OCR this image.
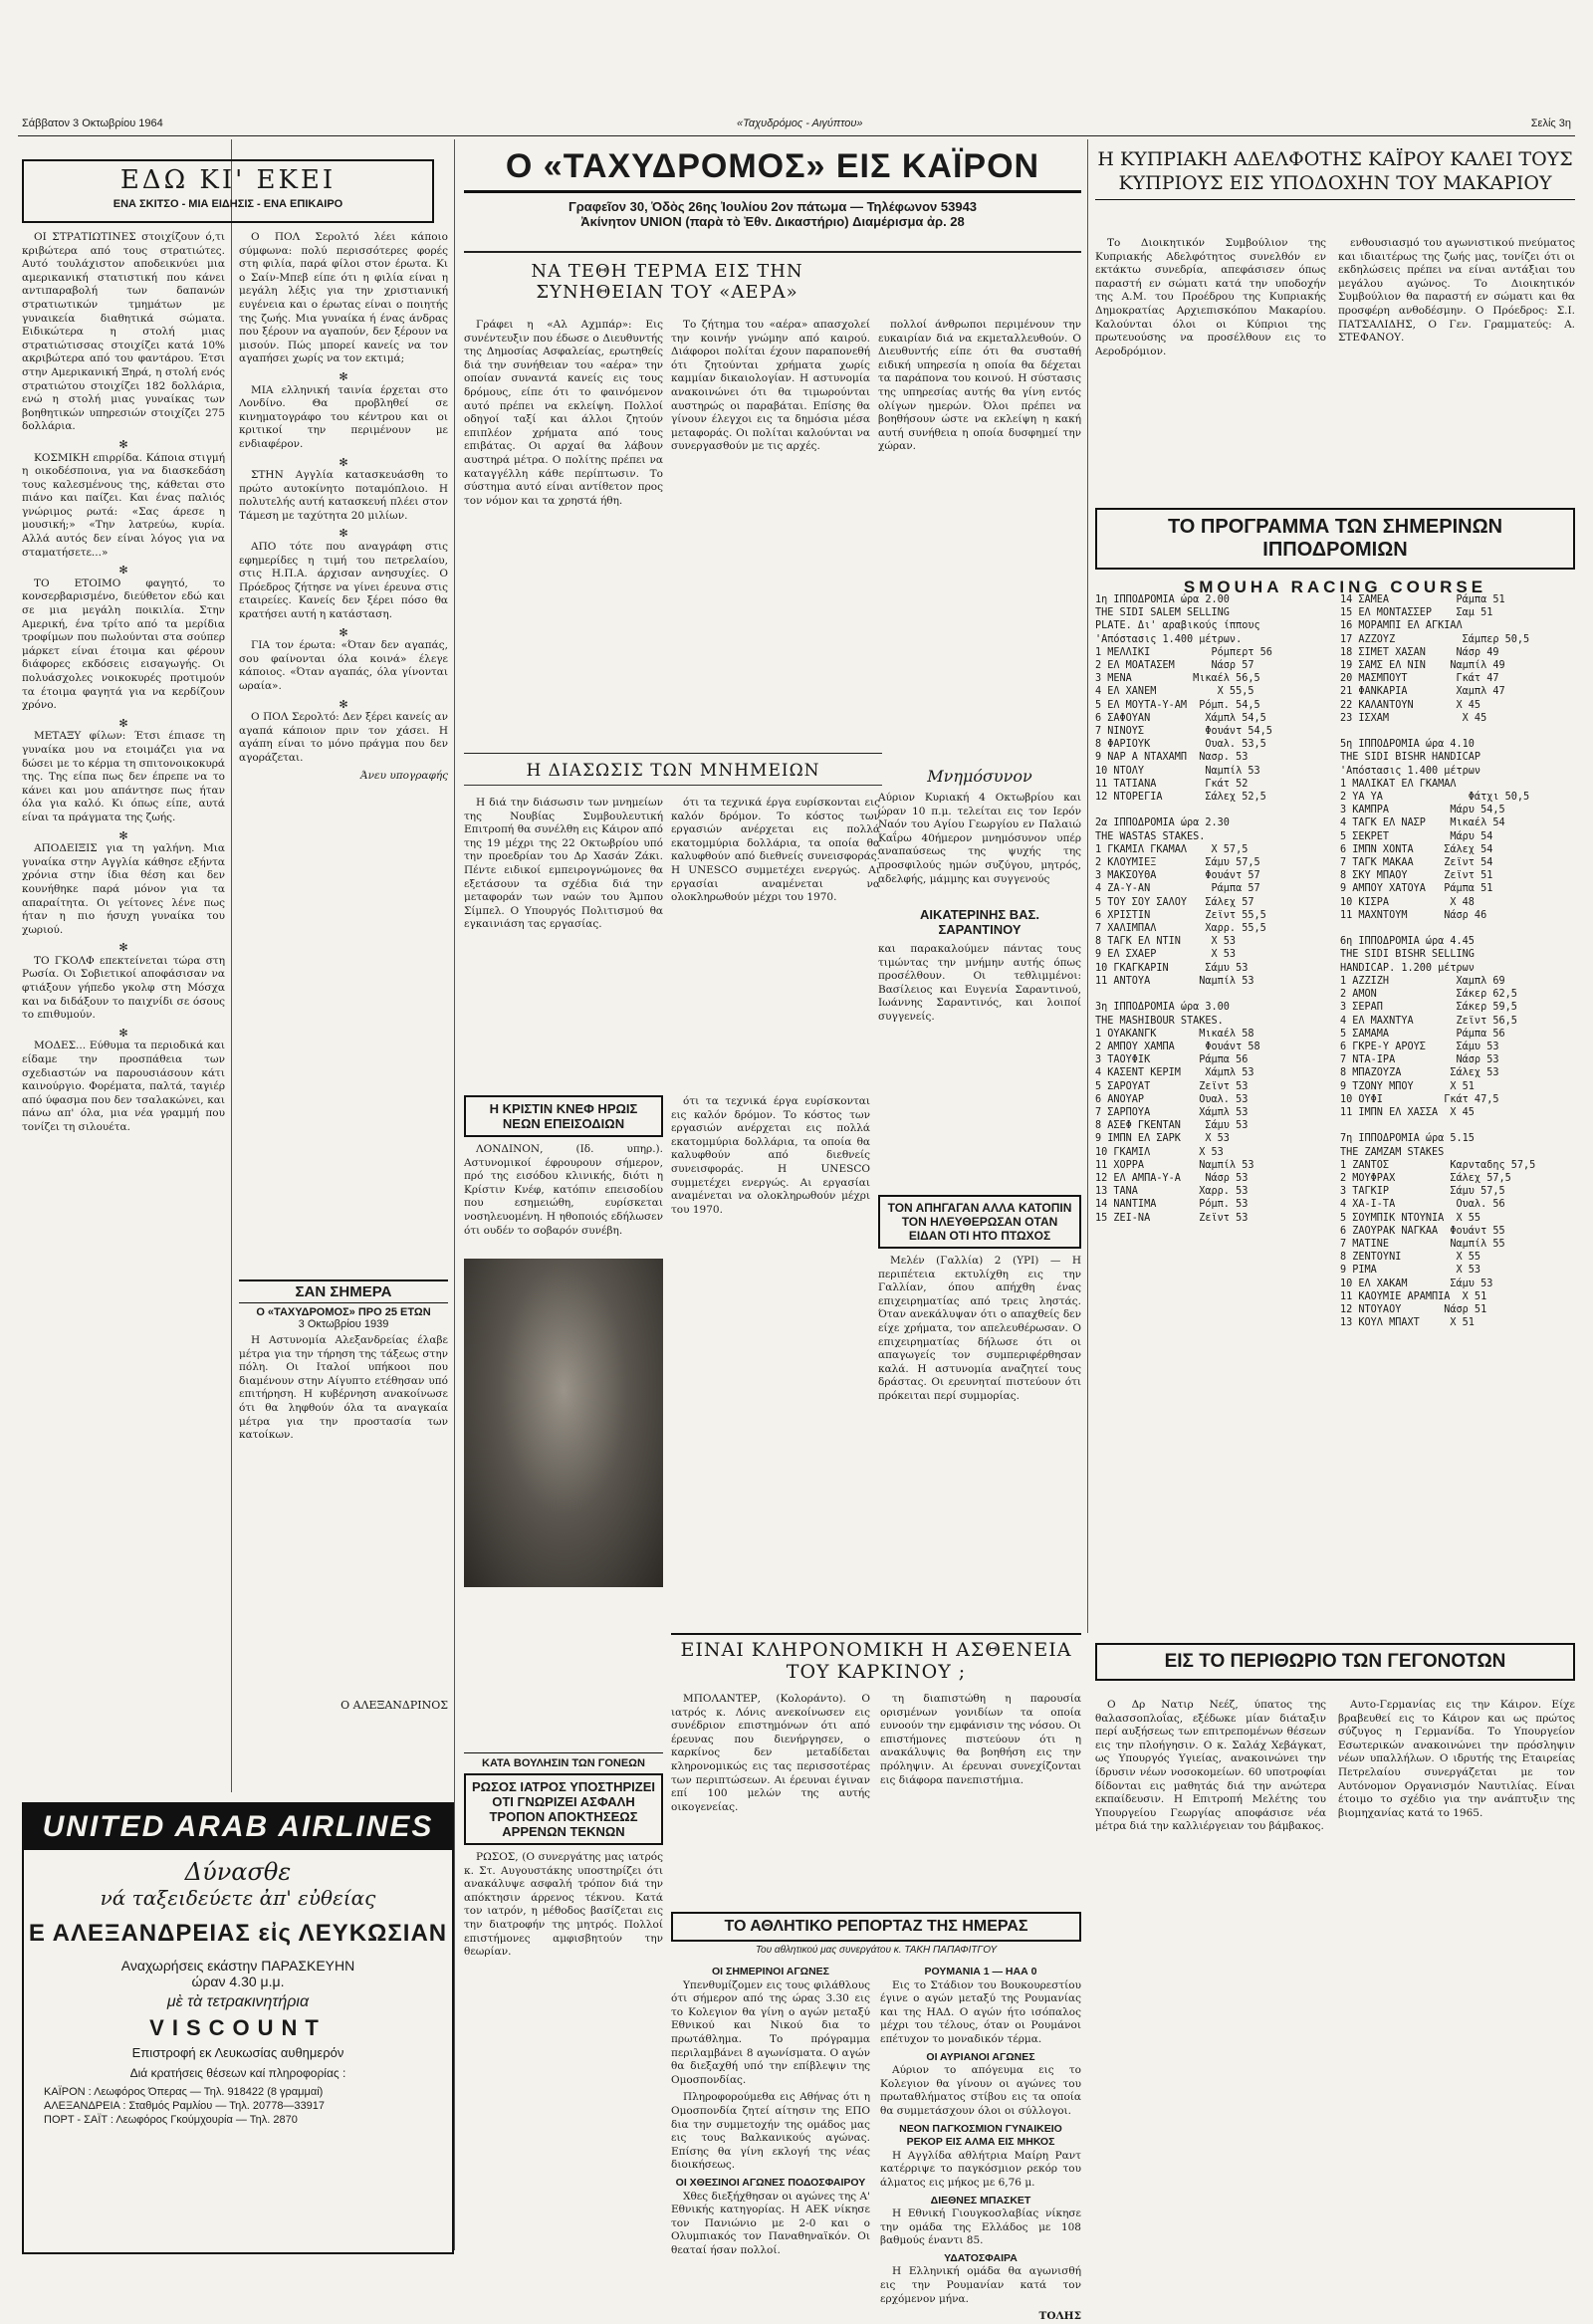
Σάββατον 3 Οκτωβρίου 1964	«Ταχυδρόμος - Αιγύπτου»	Σελίς 3η
ΕΔΩ ΚΙ' ΕΚΕΙ
ΕΝΑ ΣΚΙΤΣΟ - ΜΙΑ ΕΙΔΗΣΙΣ - ΕΝΑ ΕΠΙΚΑΙΡΟ

ΟΙ ΣΤΡΑΤΙΩΤΙΝΕΣ στοιχίζουν ό,τι κριβώτερα από τους στρατιώτες. Αυτό τουλάχιστον αποδεικνύει μια αμερικανική στατιστική που κάνει αντιπαραβολή των δαπανών στρατιωτικών τμημάτων με γυναικεία διαθητικά σώματα. Ειδικώτερα η στολή μιας στρατιώτισσας στοιχίζει κατά 10% ακριβώτερα από του φαντάρου. Έτσι στην Αμερικανική Ξηρά, η στολή ενός στρατιώτου στοιχίζει 182 δολλάρια, ενώ η στολή μιας γυναίκας των βοηθητικών υπηρεσιών στοιχίζει 275 δολλάρια.

✻

ΚΟΣΜΙΚΗ επιρρίδα. Κάποια στιγμή η οικοδέσποινα, για να διασκεδάση τους καλεσμένους της, κάθεται στο πιάνο και παίζει. Και ένας παλιός γνώριμος ρωτά: «Σας άρεσε η μουσική;» «Την λατρεύω, κυρία. Αλλά αυτός δεν είναι λόγος για να σταματήσετε...»

✻

ΤΟ ΕΤΟΙΜΟ φαγητό, το κονσερβαρισμένο, διεύθετον εδώ και σε μια μεγάλη ποικιλία. Στην Αμερική, ένα τρίτο από τα μερίδια τροφίμων που πωλούνται στα σούπερ μάρκετ είναι έτοιμα και φέρουν διάφορες εκδόσεις εισαγωγής. Οι πολυάσχολες νοικοκυρές προτιμούν τα έτοιμα φαγητά για να κερδίζουν χρόνο.

✻

ΜΕΤΑΞΥ φίλων: Έτσι έπιασε τη γυναίκα μου να ετοιμάζει για να δώσει με το κέρμα τη σπιτονοικοκυρά της. Της είπα πως δεν έπρεπε να το κάνει και μου απάντησε πως ήταν όλα για καλό. Κι όπως είπε, αυτά είναι τα πράγματα της ζωής.

✻

ΑΠΟΔΕΙΞΙΣ για τη γαλήνη. Μια γυναίκα στην Αγγλία κάθησε εξήντα χρόνια στην ίδια θέση και δεν κουνήθηκε παρά μόνον για τα απαραίτητα. Οι γείτονες λένε πως ήταν η πιο ήσυχη γυναίκα του χωριού.

✻

ΤΟ ΓΚΟΛΦ επεκτείνεται τώρα στη Ρωσία. Οι Σοβιετικοί αποφάσισαν να φτιάξουν γήπεδο γκολφ στη Μόσχα και να διδάξουν το παιχνίδι σε όσους το επιθυμούν.

✻

ΜΟΔΕΣ... Εύθυμα τα περιοδικά και είδαμε την προσπάθεια των σχεδιαστών να παρουσιάσουν κάτι καινούργιο. Φορέματα, παλτά, ταγιέρ από ύφασμα που δεν τσαλακώνει, και πάνω απ' όλα, μια νέα γραμμή που τονίζει τη σιλουέτα.

Ο ΠΟΛ Σερολτό λέει κάποιο σύμφωνα: πολύ περισσότερες φορές στη φιλία, παρά φίλοι στον έρωτα. Κι ο Σαίν-Μπεβ είπε ότι η φιλία είναι η μεγάλη λέξις για την χριστιανική ευγένεια και ο έρωτας είναι ο ποιητής της ζωής. Μια γυναίκα ή ένας άνδρας που ξέρουν να αγαπούν, δεν ξέρουν να μισούν. Πώς μπορεί κανείς να τον αγαπήσει χωρίς να τον εκτιμά;

✻

ΜΙΑ ελληνική ταινία έρχεται στο Λονδίνο. Θα προβληθεί σε κινηματογράφο του κέντρου και οι κριτικοί την περιμένουν με ενδιαφέρον.

✻

ΣΤΗΝ Αγγλία κατασκευάσθη το πρώτο αυτοκίνητο ποταμόπλοιο. Η πολυτελής αυτή κατασκευή πλέει στον Τάμεση με ταχύτητα 20 μιλίων.

✻

ΑΠΟ τότε που αναγράφη στις εφημερίδες η τιμή του πετρελαίου, στις Η.Π.Α. άρχισαν ανησυχίες. Ο Πρόεδρος ζήτησε να γίνει έρευνα στις εταιρείες. Κανείς δεν ξέρει πόσο θα κρατήσει αυτή η κατάσταση.

✻

ΓΙΑ τον έρωτα: «Όταν δεν αγαπάς, σου φαίνονται όλα κοινά» έλεγε κάποιος. «Όταν αγαπάς, όλα γίνονται ωραία».

✻

Ο ΠΟΛ Σερολτό: Δεν ξέρει κανείς αν αγαπά κάποιον πριν τον χάσει. Η αγάπη είναι το μόνο πράγμα που δεν αγοράζεται.

Άνευ υπογραφής
ΣΑΝ ΣΗΜΕΡΑ
Ο «ΤΑΧΥΔΡΟΜΟΣ» ΠΡΟ 25 ΕΤΩΝ
3 Οκτωβρίου 1939
Η Αστυνομία Αλεξανδρείας έλαβε μέτρα για την τήρηση της τάξεως στην πόλη. Οι Ιταλοί υπήκοοι που διαμένουν στην Αίγυπτο ετέθησαν υπό επιτήρηση. Η κυβέρνηση ανακοίνωσε ότι θα ληφθούν όλα τα αναγκαία μέτρα για την προστασία των κατοίκων.
Ο ΑΛΕΞΑΝΔΡΙΝΟΣ
UNITED ARAB AIRLINES
Δύνασθε
νά ταξειδεύετε ἀπ' εὐθείας
Ε ΑΛΕΞΑΝΔΡΕΙΑΣ εἰς ΛΕΥΚΩΣΙΑΝ
Αναχωρήσεις εκάστην ΠΑΡΑΣΚΕΥΗΝ
ώραν 4.30 μ.μ.
μὲ τὰ τετρακινητήρια
VISCOUNT
Επιστροφή εκ Λευκωσίας αυθημερόν
Διά κρατήσεις θέσεων καί πληροφορίας :
ΚΑΪΡΟΝ : Λεωφόρος Όπερας — Τηλ. 918422 (8 γραμμαί)
ΑΛΕΞΑΝΔΡΕΙΑ : Σταθμός Ραμλίου — Τηλ. 20778—33917
ΠΟΡΤ - ΣΑΪΤ : Λεωφόρος Γκούμχουρία — Τηλ. 2870
Ο «ΤΑΧΥΔΡΟΜΟΣ» ΕΙΣ ΚΑΪΡΟΝ
Γραφεῖον 30, Ὁδὸς 26ης Ἰουλίου 2ον πάτωμα — Τηλέφωνον 53943
Ἀκίνητον UNION (παρὰ τὸ Ἐθν. Δικαστήριο) Διαμέρισμα ἀρ. 28
ΝΑ ΤΕΘΗ ΤΕΡΜΑ ΕΙΣ ΤΗΝ ΣΥΝΗΘΕΙΑΝ ΤΟΥ «ΑΕΡΑ»
Γράφει η «Αλ Αχμπάρ»: Εις συνέντευξιν που έδωσε ο Διευθυντής της Δημοσίας Ασφαλείας, ερωτηθείς διά την συνήθειαν του «αέρα» την οποίαν συναντά κανείς εις τους δρόμους, είπε ότι το φαινόμενον αυτό πρέπει να εκλείψη. Πολλοί οδηγοί ταξί και άλλοι ζητούν επιπλέον χρήματα από τους επιβάτας. Οι αρχαί θα λάβουν αυστηρά μέτρα. Ο πολίτης πρέπει να καταγγέλλη κάθε περίπτωσιν. Το σύστημα αυτό είναι αντίθετον προς τον νόμον και τα χρηστά ήθη.
Το ζήτημα του «αέρα» απασχολεί την κοινήν γνώμην από καιρού. Διάφοροι πολίται έχουν παραπονεθή ότι ζητούνται χρήματα χωρίς καμμίαν δικαιολογίαν. Η αστυνομία ανακοινώνει ότι θα τιμωρούνται αυστηρώς οι παραβάται. Επίσης θα γίνουν έλεγχοι εις τα δημόσια μέσα μεταφοράς. Οι πολίται καλούνται να συνεργασθούν με τις αρχές.
πολλοί άνθρωποι περιμένουν την ευκαιρίαν διά να εκμεταλλευθούν. Ο Διευθυντής είπε ότι θα συσταθή ειδική υπηρεσία η οποία θα δέχεται τα παράπονα του κοινού. Η σύστασις της υπηρεσίας αυτής θα γίνη εντός ολίγων ημερών. Όλοι πρέπει να βοηθήσουν ώστε να εκλείψη η κακή αυτή συνήθεια η οποία δυσφημεί την χώραν.
Η ΔΙΑΣΩΣΙΣ ΤΩΝ ΜΝΗΜΕΙΩΝ
Η διά την διάσωσιν των μνημείων της Νουβίας Συμβουλευτική Επιτροπή θα συνέλθη εις Κάιρον από της 19 μέχρι της 22 Οκτωβρίου υπό την προεδρίαν του Δρ Χασάν Ζάκι. Πέντε ειδικοί εμπειρογνώμονες θα εξετάσουν τα σχέδια διά την μεταφοράν των ναών του Άμπου Σίμπελ. Ο Υπουργός Πολιτισμού θα εγκαινιάση τας εργασίας.
ότι τα τεχνικά έργα ευρίσκονται εις καλόν δρόμον. Το κόστος των εργασιών ανέρχεται εις πολλά εκατομμύρια δολλάρια, τα οποία θα καλυφθούν από διεθνείς συνεισφοράς. Η UNESCO συμμετέχει ενεργώς. Αι εργασίαι αναμένεται να ολοκληρωθούν μέχρι του 1970.
Η ΚΡΙΣΤΙΝ ΚΝΕΦ ΗΡΩΙΣ ΝΕΩΝ ΕΠΕΙΣΟΔΙΩΝ
ΛΟΝΔΙΝΟΝ, (Ιδ. υπηρ.). Αστυνομικοί έφρουρουν σήμερον, πρό της εισόδου κλινικής, διότι η Κρίστιν Κνέφ, κατόπιν επεισοδίου που εσημειώθη, ευρίσκεται νοσηλευομένη. Η ηθοποιός εδήλωσεν ότι ουδέν το σοβαρόν συνέβη.
ΚΑΤΑ ΒΟΥΛΗΣΙΝ ΤΩΝ ΓΟΝΕΩΝ
ΡΩΣΟΣ ΙΑΤΡΟΣ ΥΠΟΣΤΗΡΙΖΕΙ ΟΤΙ ΓΝΩΡΙΖΕΙ ΑΣΦΑΛΗ ΤΡΟΠΟΝ ΑΠΟΚΤΗΣΕΩΣ ΑΡΡΕΝΩΝ ΤΕΚΝΩΝ
ΡΩΣΟΣ, (Ο συνεργάτης μας ιατρός κ. Στ. Αυγουστάκης υποστηρίζει ότι ανακάλυψε ασφαλή τρόπον διά την απόκτησιν άρρενος τέκνου. Κατά τον ιατρόν, η μέθοδος βασίζεται εις την διατροφήν της μητρός. Πολλοί επιστήμονες αμφισβητούν την θεωρίαν.
Μνημόσυνον
Αύριον Κυριακή 4 Οκτωβρίου και ώραν 10 π.μ. τελείται εις τον Ιερόν Ναόν του Αγίου Γεωργίου εν Παλαιώ Καΐρω 40ήμερον μνημόσυνον υπέρ αναπαύσεως της ψυχής της προσφιλούς ημών συζύγου, μητρός, αδελφής, μάμμης και συγγενούς
ΑΙΚΑΤΕΡΙΝΗΣ ΒΑΣ. ΣΑΡΑΝΤΙΝΟΥ
και παρακαλούμεν πάντας τους τιμώντας την μνήμην αυτής όπως προσέλθουν. Οι τεθλιμμένοι: Βασίλειος και Ευγενία Σαραντινού, Ιωάννης Σαραντινός, και λοιποί συγγενείς.
ΤΟΝ ΑΠΗΓΑΓΑΝ ΑΛΛΑ ΚΑΤΟΠΙΝ ΤΟΝ ΗΛΕΥΘΕΡΩΣΑΝ ΟΤΑΝ ΕΙΔΑΝ ΟΤΙ ΗΤΟ ΠΤΩΧΟΣ
Μελέν (Γαλλία) 2 (ΥΡΙ) — Η περιπέτεια εκτυλίχθη εις την Γαλλίαν, όπου απήχθη ένας επιχειρηματίας από τρεις ληστάς. Όταν ανεκάλυψαν ότι ο απαχθείς δεν είχε χρήματα, τον απελευθέρωσαν. Ο επιχειρηματίας δήλωσε ότι οι απαγωγείς τον συμπεριφέρθησαν καλά. Η αστυνομία αναζητεί τους δράστας. Οι ερευνηταί πιστεύουν ότι πρόκειται περί συμμορίας.

ότι τα τεχνικά έργα ευρίσκονται εις καλόν δρόμον. Το κόστος των εργασιών ανέρχεται εις πολλά εκατομμύρια δολλάρια, τα οποία θα καλυφθούν από διεθνείς συνεισφοράς. Η UNESCO συμμετέχει ενεργώς. Αι εργασίαι αναμένεται να ολοκληρωθούν μέχρι του 1970.

ΕΙΝΑΙ ΚΛΗΡΟΝΟΜΙΚΗ Η ΑΣΘΕΝΕΙΑ ΤΟΥ ΚΑΡΚΙΝΟΥ ;
ΜΠΟΛΑΝΤΕΡ, (Κολοράντο). Ο ιατρός κ. Λόνις ανεκοίνωσεν εις συνέδριον επιστημόνων ότι από έρευνας που διενήργησεν, ο καρκίνος δεν μεταδίδεται κληρονομικώς εις τας περισσοτέρας των περιπτώσεων. Αι έρευναι έγιναν επί 100 μελών της αυτής οικογενείας.
τη διαπιστώθη η παρουσία ορισμένων γονιδίων τα οποία ευνοούν την εμφάνισιν της νόσου. Οι επιστήμονες πιστεύουν ότι η ανακάλυψις θα βοηθήση εις την πρόληψιν. Αι έρευναι συνεχίζονται εις διάφορα πανεπιστήμια.
ΤΟ ΑΘΛΗΤΙΚΟ ΡΕΠΟΡΤΑΖ ΤΗΣ ΗΜΕΡΑΣ
Του αθλητικού μας συνεργάτου κ. ΤΑΚΗ ΠΑΠΑΦΙΤΓΟΥ
ΟΙ ΣΗΜΕΡΙΝΟΙ ΑΓΩΝΕΣ

Υπενθυμίζομεν εις τους φιλάθλους ότι σήμερον από της ώρας 3.30 εις το Κολεγιον θα γίνη ο αγών μεταξύ Εθνικού και Νικού δια το πρωτάθλημα. Το πρόγραμμα περιλαμβάνει 8 αγωνίσματα. Ο αγών θα διεξαχθή υπό την επίβλεψιν της Ομοσπονδίας.

Πληροφορούμεθα εις Αθήνας ότι η Ομοσπονδία ζητεί αίτησιν της ΕΠΟ δια την συμμετοχήν της ομάδος μας εις τους Βαλκανικούς αγώνας. Επίσης θα γίνη εκλογή της νέας διοικήσεως.

ΟΙ ΧΘΕΣΙΝΟΙ ΑΓΩΝΕΣ ΠΟΔΟΣΦΑΙΡΟΥ

Χθες διεξήχθησαν οι αγώνες της Α' Εθνικής κατηγορίας. Η ΑΕΚ νίκησε τον Πανιώνιο με 2-0 και ο Ολυμπιακός τον Παναθηναϊκόν. Οι θεαταί ήσαν πολλοί.

ΡΟΥΜΑΝΙΑ 1 — ΗΑΑ 0

Εις το Στάδιον του Βουκουρεστίου έγινε ο αγών μεταξύ της Ρουμανίας και της ΗΑΔ. Ο αγών ήτο ισόπαλος μέχρι του τέλους, όταν οι Ρουμάνοι επέτυχον το μοναδικόν τέρμα.

ΟΙ ΑΥΡΙΑΝΟΙ ΑΓΩΝΕΣ

Αύριον το απόγευμα εις το Κολεγιον θα γίνουν οι αγώνες του πρωταθλήματος στίβου εις τα οποία θα συμμετάσχουν όλοι οι σύλλογοι.

ΝΕΟΝ ΠΑΓΚΟΣΜΙΟΝ ΓΥΝΑΙΚΕΙΟ ΡΕΚΟΡ ΕΙΣ ΑΛΜΑ ΕΙΣ ΜΗΚΟΣ

Η Αγγλίδα αθλήτρια Μαίρη Ραντ κατέρριψε το παγκόσμιον ρεκόρ του άλματος εις μήκος με 6,76 μ.

ΔΙΕΘΝΕΣ ΜΠΑΣΚΕΤ

Η Εθνική Γιουγκοσλαβίας νίκησε την ομάδα της Ελλάδος με 108 βαθμούς έναντι 85.

ΥΔΑΤΟΣΦΑΙΡΑ

Η Ελληνική ομάδα θα αγωνισθή εις την Ρουμανίαν κατά τον ερχόμενον μήνα.

ΤΟΛΗΣ
Η ΚΥΠΡΙΑΚΗ ΑΔΕΛΦΟΤΗΣ ΚΑΪΡΟΥ ΚΑΛΕΙ ΤΟΥΣ ΚΥΠΡΙΟΥΣ ΕΙΣ ΥΠΟΔΟΧΗΝ ΤΟΥ ΜΑΚΑΡΙΟΥ
Το Διοικητικόν Συμβούλιον της Κυπριακής Αδελφότητος συνελθόν εν εκτάκτω συνεδρία, απεφάσισεν όπως παραστή εν σώματι κατά την υποδοχήν της Α.Μ. του Προέδρου της Κυπριακής Δημοκρατίας Αρχιεπισκόπου Μακαρίου. Καλούνται όλοι οι Κύπριοι της πρωτευούσης να προσέλθουν εις το Αεροδρόμιον.
ενθουσιασμό του αγωνιστικού πνεύματος και ιδιαιτέρως της ζωής μας, τονίζει ότι οι εκδηλώσεις πρέπει να είναι αντάξιαι του μεγάλου αγώνος. Το Διοικητικόν Συμβούλιον θα παραστή εν σώματι και θα προσφέρη ανθοδέσμην. Ο Πρόεδρος: Σ.Ι. ΠΑΤΣΑΛΙΔΗΣ, Ο Γεν. Γραμματεύς: Α. ΣΤΕΦΑΝΟΥ.
ΤΟ ΠΡΟΓΡΑΜΜΑ ΤΩΝ ΣΗΜΕΡΙΝΩΝ ΙΠΠΟΔΡΟΜΙΩΝ
SMOUHA RACING COURSE
1η ΙΠΠΟΔΡΟΜΙΑ ώρα 2.00
THE SIDI SALEM SELLING
PLATE. Δι' αραβικούς ίππους
'Απόστασις 1.400 μέτρων.
1 ΜΕΛΛΙΚΙ          Ρόμπερτ 56
2 ΕΛ ΜΟΑΤΑΣΕΜ      Νάσρ 57
3 ΜΕΝΑ          Μικαέλ 56,5
4 ΕΛ ΧΑΝΕΜ          Χ 55,5
5 ΕΛ ΜΟΥΤΑ-Υ-ΑΜ  Ρόμπ. 54,5
6 ΣΑΦΟΥΑΝ         Χάμπλ 54,5
7 ΝΙΝΟΥΣ          Φουάντ 54,5
8 ΦΑΡΙΟΥΚ         Ουαλ. 53,5
9 ΝΑΡ Α ΝΤΑΧΑΜΠ  Νασρ. 53
10 ΝΤΟΛΥ          Ναμπίλ 53
11 ΤΑΤΙΑΝΑ        Γκάτ 52
12 ΝΤΟΡΕΓΙΑ       Σάλεχ 52,5

2α ΙΠΠΟΔΡΟΜΙΑ ώρα 2.30
THE WASTAS STAKES.
1 ΓΚΑΜΙΛ ΓΚΑΜΑΛ    Χ 57,5
2 ΚΛΟΥΜΙΕΞ        Σάμυ 57,5
3 ΜΑΚΣΟΥΘΑ        Φουάντ 57
4 ΖΑ-Υ-ΑΝ          Ράμπα 57
5 ΤΟΥ ΣΟΥ ΣΑΛΟΥ   Σάλεχ 57
6 ΧΡΙΣΤΙΝ         Ζεϊντ 55,5
7 ΧΑΛΙΜΠΑΛ        Χαρρ. 55,5
8 ΤΑΓΚ ΕΛ ΝΤΙΝ     Χ 53
9 ΕΛ ΣΧΑΕΡ         Χ 53
10 ΓΚΑΓΚΑΡΙΝ      Σάμυ 53
11 ΑΝΤΟΥΑ        Ναμπίλ 53

3η ΙΠΠΟΔΡΟΜΙΑ ώρα 3.00
THE MASHIBOUR STAKES.
1 ΟΥΑΚΑΝΓΚ       Μικαέλ 58
2 ΑΜΠΟΥ ΧΑΜΠΑ     Φουάντ 58
3 ΤΑΟΥΦΙΚ        Ράμπα 56
4 ΚΑΣΕΝΤ ΚΕΡΙΜ    Χάμπλ 53
5 ΣΑΡΟΥΑΤ        Ζεϊντ 53
6 ΑΝΟΥΑΡ         Ουαλ. 53
7 ΣΑΡΠΟΥΑ        Χάμπλ 53
8 ΑΣΕΦ ΓΚΕΝΤΑΝ    Σάμυ 53
9 ΙΜΠΝ ΕΛ ΣΑΡΚ    Χ 53
10 ΓΚΑΜΙΛ        Χ 53
11 ΧΟΡΡΑ         Ναμπίλ 53
12 ΕΛ ΑΜΠΑ-Υ-Α    Νάσρ 53
13 ΤΑΝΑ          Χαρρ. 53
14 ΝΑΝΤΙΜΑ       Ρόμπ. 53
15 ΖΕΙ-ΝΑ        Ζεϊντ 53
14 ΣΑΜΕΑ           Ράμπα 51
15 ΕΛ ΜΟΝΤΑΣΣΕΡ    Σαμ 51
16 ΜΟΡΑΜΠΙ ΕΛ ΑΓΚΙΑΛ
17 ΑΖΖΟΥΖ           Σάμπερ 50,5
18 ΣΙΜΕΤ ΧΑΣΑΝ     Νάσρ 49
19 ΣΑΜΣ ΕΛ ΝΙΝ    Ναμπίλ 49
20 ΜΑΣΜΠΟΥΤ        Γκάτ 47
21 ΦΑΝΚΑΡΙΑ        Χαμπλ 47
22 ΚΑΛΑΝΤΟΥΝ       Χ 45
23 ΙΣΧΑΜ            Χ 45

5η ΙΠΠΟΔΡΟΜΙΑ ώρα 4.10
THE SIDI BISHR HANDICAP
'Απόστασις 1.400 μέτρων
1 ΜΑΛΙΚΑΤ ΕΛ ΓΚΑΜΑΛ
2 ΥΑ ΥΑ              Φάτχι 50,5
3 ΚΑΜΠΡΑ          Μάρυ 54,5
4 ΤΑΓΚ ΕΛ ΝΑΣΡ    Μικαέλ 54
5 ΣΕΚΡΕΤ          Μάρυ 54
6 ΙΜΠΝ ΧΟΝΤΑ     Σάλεχ 54
7 ΤΑΓΚ ΜΑΚΑΑ     Ζεϊντ 54
8 ΣΚΥ ΜΠΑΟΥ      Ζεϊντ 51
9 ΑΜΠΟΥ ΧΑΤΟΥΑ   Ράμπα 51
10 ΚΙΣΡΑ          Χ 48
11 ΜΑΧΝΤΟΥΜ      Νάσρ 46

6η ΙΠΠΟΔΡΟΜΙΑ ώρα 4.45
THE SIDI BISHR SELLING
HANDICAP. 1.200 μέτρων
1 ΑΖΖΙΖΗ           Χαμπλ 69
2 ΑΜΟΝ             Σάκερ 62,5
3 ΣΕΡΑΠ            Σάκερ 59,5
4 ΕΛ ΜΑΧΝΤΥΑ       Ζεϊντ 56,5
5 ΣΑΜΑΜΑ           Ράμπα 56
6 ΓΚΡΕ-Υ ΑΡΟΥΣ     Σάμυ 53
7 ΝΤΑ-ΙΡΑ          Νάσρ 53
8 ΜΠΑΖΟΥΖΑ        Σάλεχ 53
9 ΤΖΟΝΥ ΜΠΟΥ      Χ 51
10 ΟΥΦΙ          Γκάτ 47,5
11 ΙΜΠΝ ΕΛ ΧΑΣΣΑ  Χ 45

7η ΙΠΠΟΔΡΟΜΙΑ ώρα 5.15
THE ZAMZAM STAKES
1 ΖΑΝΤΟΣ          Καρνταδης 57,5
2 ΜΟΥΦΡΑΧ         Σάλεχ 57,5
3 ΤΑΓΚΙΡ          Σάμυ 57,5
4 ΧΑ-Ι-ΤΑ          Ουαλ. 56
5 ΣΟΥΜΠΙΚ ΝΤΟΥΝΙΑ  Χ 55
6 ΖΑΟΥΡΑΚ ΝΑΓΚΑΑ  Φουάντ 55
7 ΜΑΤΙΝΕ          Ναμπίλ 55
8 ΖΕΝΤΟΥΝΙ         Χ 55
9 ΡΙΜΑ             Χ 53
10 ΕΛ ΧΑΚΑΜ       Σάμυ 53
11 ΚΑΟΥΜΙΕ ΑΡΑΜΠΙΑ  Χ 51
12 ΝΤΟΥΑΟΥ       Νάσρ 51
13 ΚΟΥΛ ΜΠΑΧΤ     Χ 51
ΕΙΣ ΤΟ ΠΕΡΙΘΩΡΙΟ ΤΩΝ ΓΕΓΟΝΟΤΩΝ
Ο Δρ Νατιρ Νεέζ, ύπατος της θαλασσοπλοΐας, εξέδωκε μίαν διάταξιν περί αυξήσεως των επιτρεπομένων θέσεων εις την πλοήγησιν. Ο κ. Σαλάχ Χεβάγκατ, ως Υπουργός Υγιείας, ανακοινώνει την ίδρυσιν νέων νοσοκομείων. 60 υποτροφίαι δίδονται εις μαθητάς διά την ανώτερα εκπαίδευσιν. Η Επιτροπή Μελέτης του Υπουργείου Γεωργίας αποφάσισε νέα μέτρα διά την καλλιέργειαν του βάμβακος.
Αυτο-Γερμανίας εις την Κάιρον. Είχε βραβευθεί εις το Κάιρον και ως πρώτος σύζυγος η Γερμανίδα. Το Υπουργείον Εσωτερικών ανακοινώνει την πρόσληψιν νέων υπαλλήλων. Ο ιδρυτής της Εταιρείας Πετρελαίου συνεργάζεται με τον Αυτόνομον Οργανισμόν Ναυτιλίας. Είναι έτοιμο το σχέδιο για την ανάπτυξιν της βιομηχανίας κατά το 1965.
